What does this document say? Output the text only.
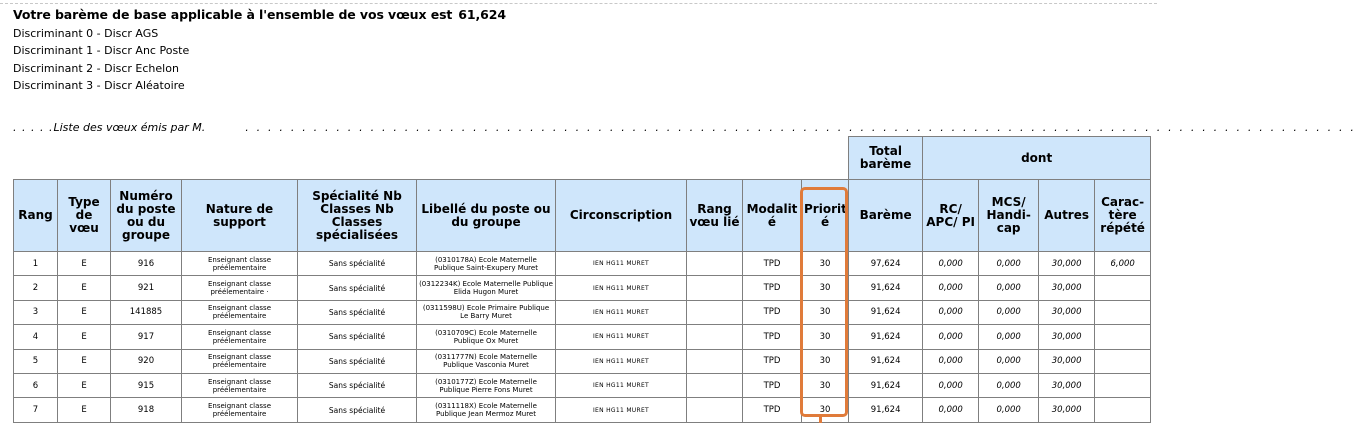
Votre barème de base applicable à l'ensemble de vos vœux est 61,624
Discriminant 0 - Discr AGS
Discriminant 1 - Discr Anc Poste
Discriminant 2 - Discr Echelon
Discriminant 3 - Discr Aléatoire
. . . . .Liste des vœux émis par M.	. . . . . . . . . . . . . . . . . . . . . . . . . . . . . . . . . . . . . . . . . . . . . . . . . . . . . . . . . . . . . . . . . . . . . . . . . . . . . . . . . . . . . . . . . . . . . . . . . .
										Total barème	dont			
Rang	Type de vœu	Numéro du poste ou du groupe	Nature de support	Spécialité Nb Classes Nb Classes spécialisées	Libellé du poste ou du groupe	Circonscription	Rang vœu lié	Modalit é	Priorit é	Barème	RC/ APC/ PI	MCS/ Handi-cap	Autres	Carac-tère répété
1	E	916	Enseignant classe préélementaire	Sans spécialité	(0310178A) Ecole Maternelle Publique Saint-Exupery Muret	IEN HG11 MURET		TPD	30	97,624	0,000	0,000	30,000	6,000
2	E	921	Enseignant classe préélementaire ·	Sans spécialité	(0312234K) Ecole Maternelle Publique Elida Hugon Muret	IEN HG11 MURET		TPD	30	91,624	0,000	0,000	30,000	
3	E	141885	Enseignant classe préélementaire	Sans spécialité	(0311598U) Ecole Primaire Publique Le Barry Muret	IEN HG11 MURET		TPD	30	91,624	0,000	0,000	30,000	
4	E	917	Enseignant classe préélementaire	Sans spécialité	(0310709C) Ecole Maternelle Publique Ox Muret	IEN HG11 MURET		TPD	30	91,624	0,000	0,000	30,000	
5	E	920	Enseignant classe préélementaire	Sans spécialité	(0311777N) Ecole Maternelle Publique Vasconia Muret	IEN HG11 MURET		TPD	30	91,624	0,000	0,000	30,000	
6	E	915	Enseignant classe préélementaire	Sans spécialité	(0310177Z) Ecole Maternelle Publique Pierre Fons Muret	IEN HG11 MURET		TPD	30	91,624	0,000	0,000	30,000	
7	E	918	Enseignant classe préélementaire	Sans spécialité	(0311118X) Ecole Maternelle Publique Jean Mermoz Muret	IEN HG11 MURET		TPD	30	91,624	0,000	0,000	30,000	
